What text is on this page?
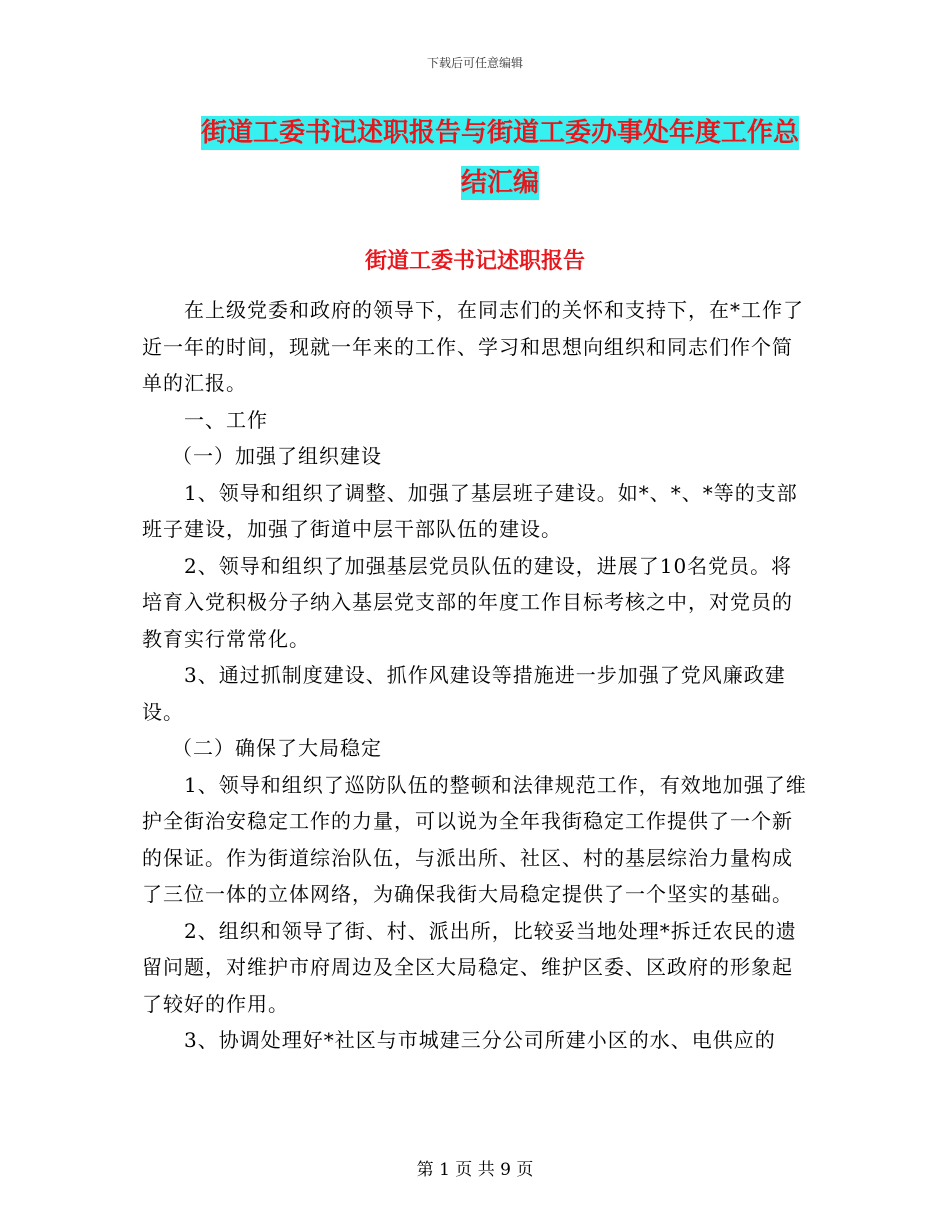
下载后可任意编辑
街道工委书记述职报告与街道工委办事处年度工作总
结汇编
街道工委书记述职报告

在上级党委和政府的领导下，在同志们的关怀和支持下，在*工作了近一年的时间，现就一年来的工作、学习和思想向组织和同志们作个简单的汇报。

一、工作

（一）加强了组织建设

1、领导和组织了调整、加强了基层班子建设。如*、*、*等的支部班子建设，加强了街道中层干部队伍的建设。

2、领导和组织了加强基层党员队伍的建设，进展了10名党员。将培育入党积极分子纳入基层党支部的年度工作目标考核之中，对党员的教育实行常常化。

3、通过抓制度建设、抓作风建设等措施进一步加强了党风廉政建设。

（二）确保了大局稳定

1、领导和组织了巡防队伍的整顿和法律规范工作，有效地加强了维护全街治安稳定工作的力量，可以说为全年我街稳定工作提供了一个新的保证。作为街道综治队伍，与派出所、社区、村的基层综治力量构成了三位一体的立体网络，为确保我街大局稳定提供了一个坚实的基础。

2、组织和领导了街、村、派出所，比较妥当地处理*拆迁农民的遗留问题，对维护市府周边及全区大局稳定、维护区委、区政府的形象起了较好的作用。

3、协调处理好*社区与市城建三分公司所建小区的水、电供应的

第 1 页 共 9 页
